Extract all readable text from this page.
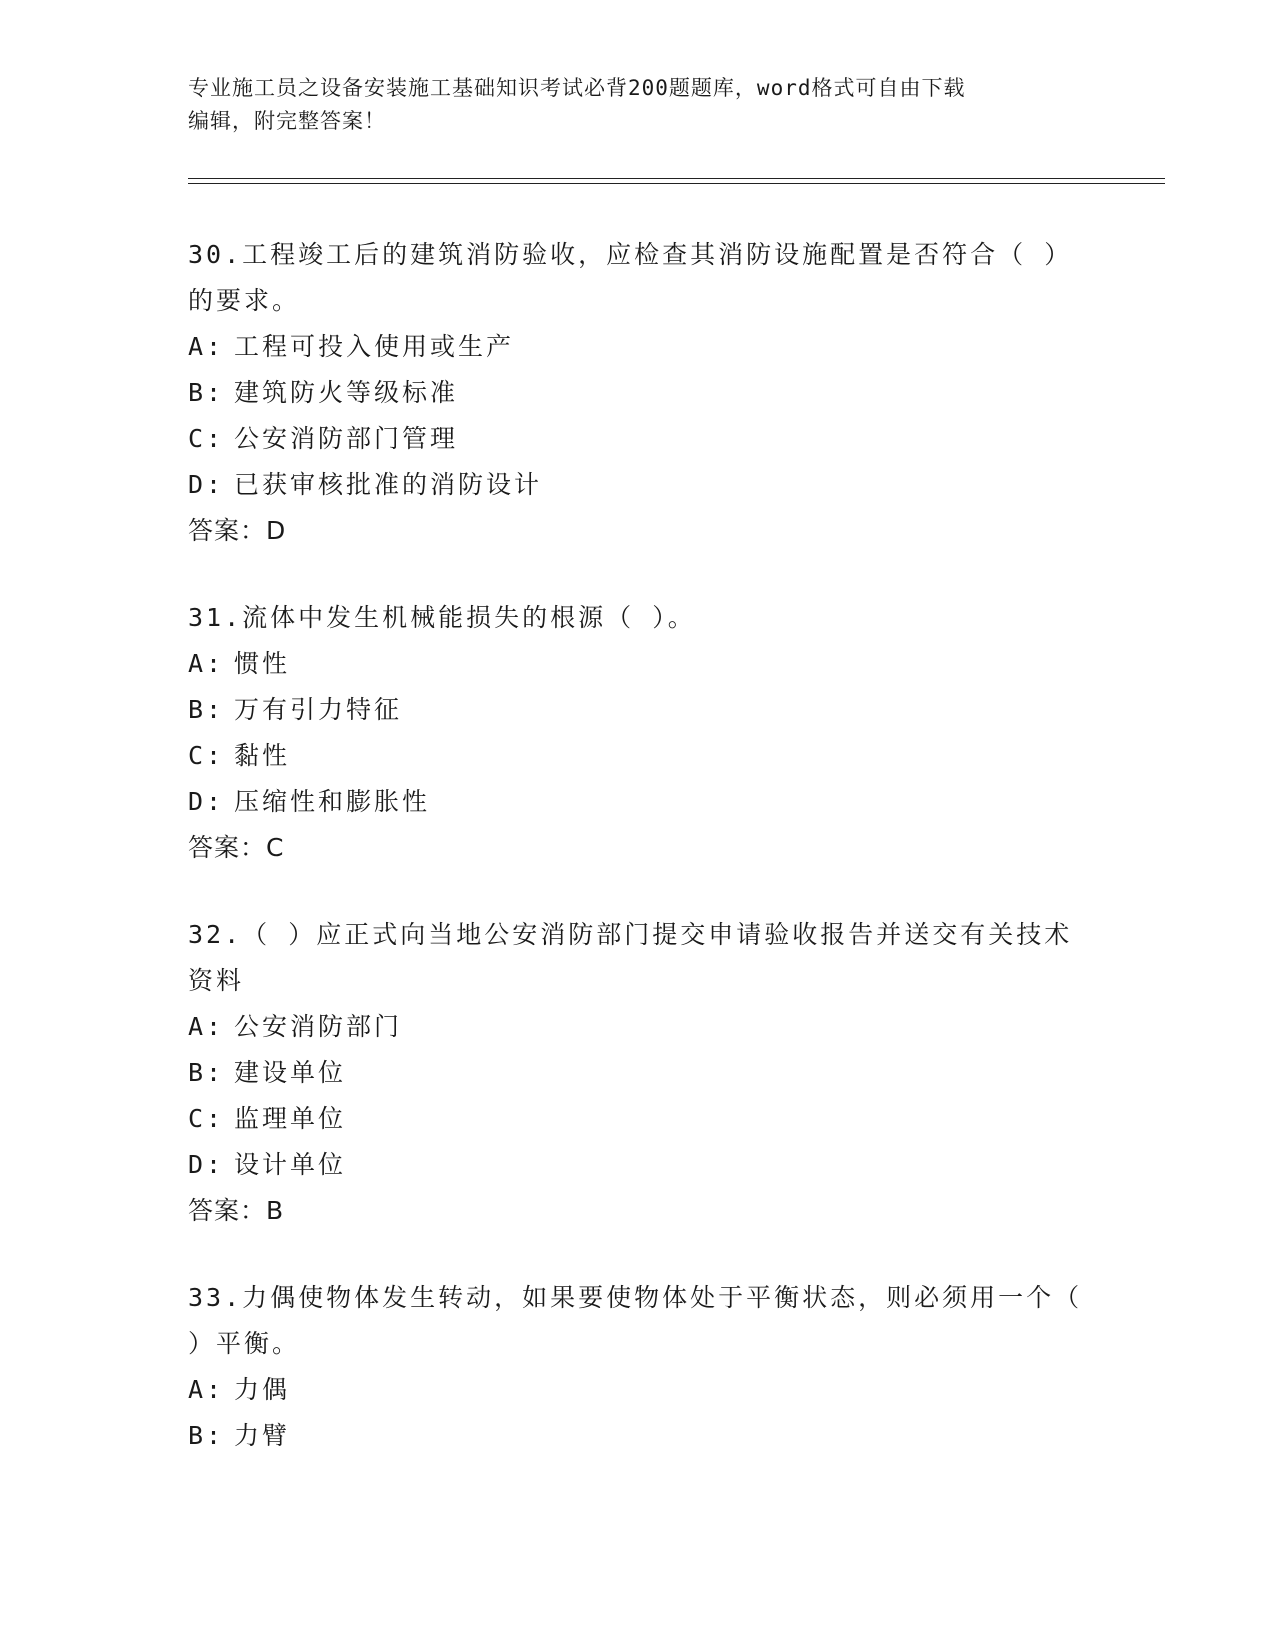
专业施工员之设备安装施工基础知识考试必背200题题库，word格式可自由下载
编辑，附完整答案！
30.工程竣工后的建筑消防验收，应检查其消防设施配置是否符合（ ）的要求。
A: 工程可投入使用或生产
B: 建筑防火等级标准
C: 公安消防部门管理
D: 已获审核批准的消防设计
答案：D
31.流体中发生机械能损失的根源（ ）。
A: 惯性
B: 万有引力特征
C: 黏性
D: 压缩性和膨胀性
答案：C
32.（ ）应正式向当地公安消防部门提交申请验收报告并送交有关技术资料
A: 公安消防部门
B: 建设单位
C: 监理单位
D: 设计单位
答案：B
33.力偶使物体发生转动，如果要使物体处于平衡状态，则必须用一个（ ）平衡。
A: 力偶
B: 力臂
